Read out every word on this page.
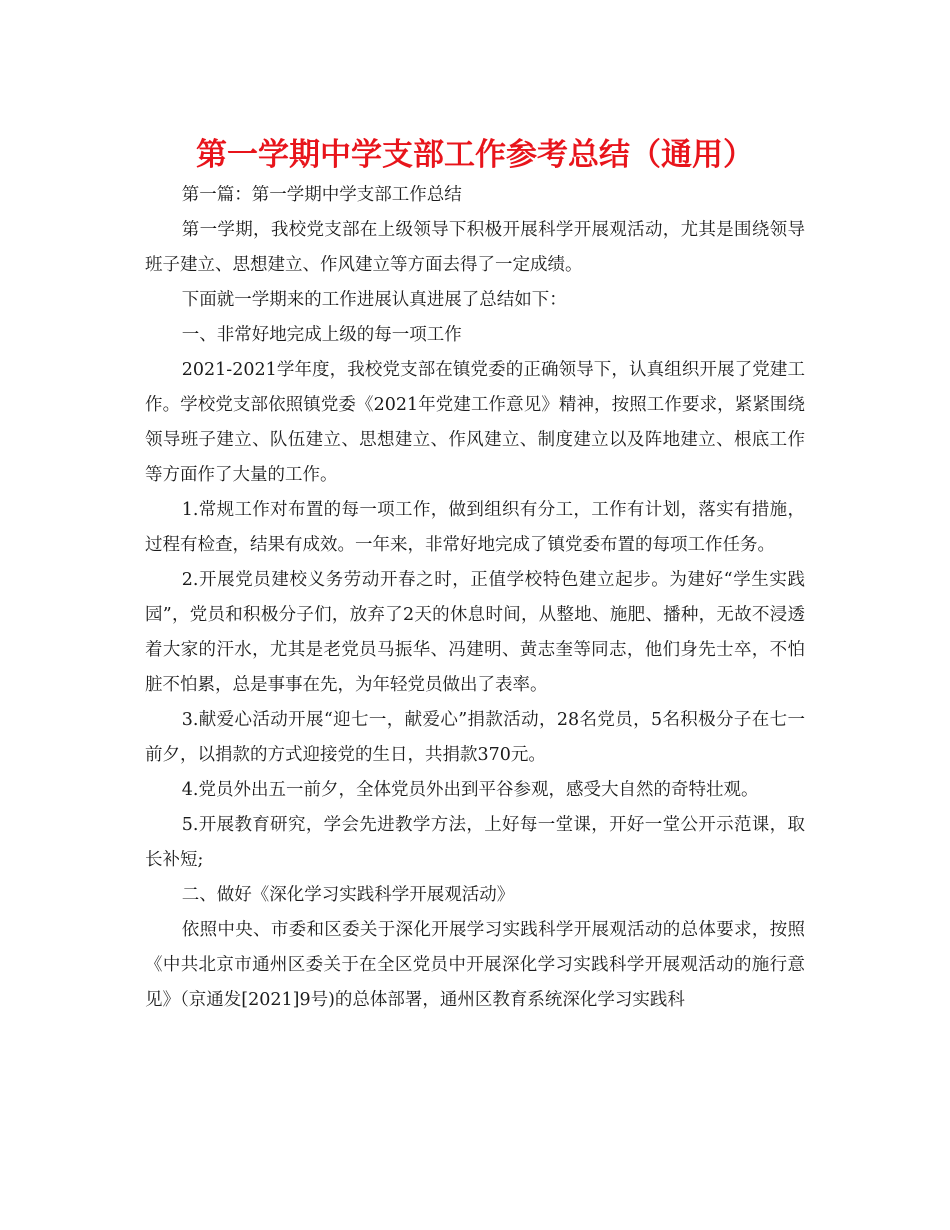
第一学期中学支部工作参考总结（通用）

第一篇：第一学期中学支部工作总结

第一学期，我校党支部在上级领导下积极开展科学开展观活动，尤其是围绕领导班子建立、思想建立、作风建立等方面去得了一定成绩。

下面就一学期来的工作进展认真进展了总结如下：

一、非常好地完成上级的每一项工作

2021-2021学年度，我校党支部在镇党委的正确领导下，认真组织开展了党建工作。学校党支部依照镇党委《2021年党建工作意见》精神，按照工作要求，紧紧围绕领导班子建立、队伍建立、思想建立、作风建立、制度建立以及阵地建立、根底工作等方面作了大量的工作。

1.常规工作对布置的每一项工作，做到组织有分工，工作有计划，落实有措施，过程有检查，结果有成效。一年来，非常好地完成了镇党委布置的每项工作任务。

2.开展党员建校义务劳动开春之时，正值学校特色建立起步。为建好“学生实践园”，党员和积极分子们，放弃了2天的休息时间，从整地、施肥、播种，无故不浸透着大家的汗水，尤其是老党员马振华、冯建明、黄志奎等同志，他们身先士卒，不怕脏不怕累，总是事事在先，为年轻党员做出了表率。

3.献爱心活动开展“迎七一，献爱心”捐款活动，28名党员，5名积极分子在七一前夕，以捐款的方式迎接党的生日，共捐款370元。

4.党员外出五一前夕，全体党员外出到平谷参观，感受大自然的奇特壮观。

5.开展教育研究，学会先进教学方法，上好每一堂课，开好一堂公开示范课，取长补短;

二、做好《深化学习实践科学开展观活动》

依照中央、市委和区委关于深化开展学习实践科学开展观活动的总体要求，按照《中共北京市通州区委关于在全区党员中开展深化学习实践科学开展观活动的施行意见》（京通发[2021]9号)的总体部署，通州区教育系统深化学习实践科
